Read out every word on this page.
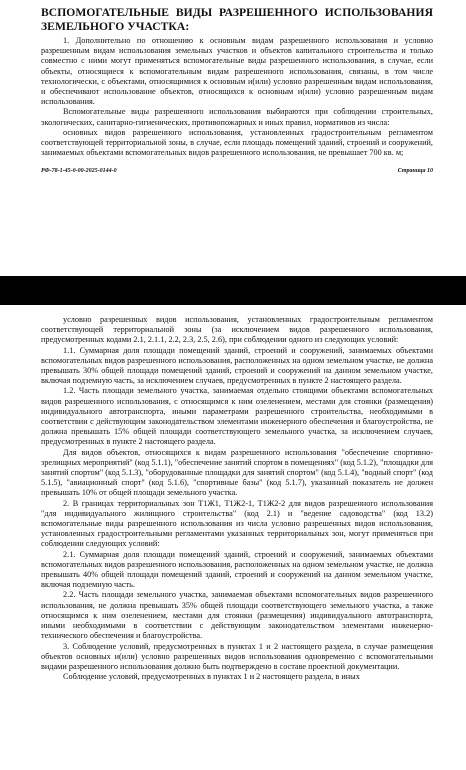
ВСПОМОГАТЕЛЬНЫЕ ВИДЫ РАЗРЕШЕННОГО ИСПОЛЬЗОВАНИЯ ЗЕМЕЛЬНОГО УЧАСТКА:

1. Дополнительно по отношению к основным видам разрешенного использования и условно разрешенным видам использования земельных участков и объектов капитального строительства и только совместно с ними могут применяться вспомогательные виды разрешенного использования, в случае, если объекты, относящиеся к вспомогательным видам разрешенного использования, связаны, в том числе технологически, с объектами, относящимися к основным и(или) условно разрешенным видам использования, и обеспечивают использование объектов, относящихся к основным и(или) условно разрешенным видам использования.

Вспомогательные виды разрешенного использования выбираются при соблюдении строительных, экологических, санитарно-гигиенических, противопожарных и иных правил, нормативов из числа:

основных видов разрешенного использования, установленных градостроительным регламентом соответствующей территориальной зоны, в случае, если площадь помещений зданий, строений и сооружений, занимаемых объектами вспомогательных видов разрешенного использования, не превышает 700 кв. м;

РФ-78-1-45-0-00-2025-0144-0	Страница 10

условно разрешенных видов использования, установленных градостроительным регламентом соответствующей территориальной зоны (за исключением видов разрешенного использования, предусмотренных кодами 2.1, 2.1.1, 2.2, 2.3, 2.5, 2.6), при соблюдении одного из следующих условий:

1.1. Суммарная доля площади помещений зданий, строений и сооружений, занимаемых объектами вспомогательных видов разрешенного использования, расположенных на одном земельном участке, не должна превышать 30% общей площади помещений зданий, строений и сооружений на данном земельном участке, включая подземную часть, за исключением случаев, предусмотренных в пункте 2 настоящего раздела.

1.2. Часть площади земельного участка, занимаемая отдельно стоящими объектами вспомогательных видов разрешенного использования, с относящимся к ним озеленением, местами для стоянки (размещения) индивидуального автотранспорта, иными параметрами разрешенного строительства, необходимыми в соответствии с действующим законодательством элементами инженерного обеспечения и благоустройства, не должна превышать 15% общей площади соответствующего земельного участка, за исключением случаев, предусмотренных в пункте 2 настоящего раздела.

Для видов объектов, относящихся к видам разрешенного использования "обеспечение спортивно-зрелищных мероприятий" (код 5.1.1), "обеспечение занятий спортом в помещениях" (код 5.1.2), "площадки для занятий спортом" (код 5.1.3), "оборудованные площадки для занятий спортом" (код 5.1.4), "водный спорт" (код 5.1.5), "авиационный спорт" (код 5.1.6), "спортивные базы" (код 5.1.7), указанный показатель не должен превышать 10% от общей площади земельного участка.

2. В границах территориальных зон Т1Ж1, Т1Ж2-1, Т1Ж2-2 для видов разрешенного использования "для индивидуального жилищного строительства" (код 2.1) и "ведение садоводства" (код 13.2) вспомогательные виды разрешенного использования из числа условно разрешенных видов использования, установленных градостроительными регламентами указанных территориальных зон, могут применяться при соблюдении следующих условий:

2.1. Суммарная доля площади помещений зданий, строений и сооружений, занимаемых объектами вспомогательных видов разрешенного использования, расположенных на одном земельном участке, не должна превышать 40% общей площади помещений зданий, строений и сооружений на данном земельном участке, включая подземную часть.

2.2. Часть площади земельного участка, занимаемая объектами вспомогательных видов разрешенного использования, не должна превышать 35% общей площади соответствующего земельного участка, а также относящимся к ним озеленением, местами для стоянки (размещения) индивидуального автотранспорта, иными необходимыми в соответствии с действующим законодательством элементами инженерно-технического обеспечения и благоустройства.

3. Соблюдение условий, предусмотренных в пунктах 1 и 2 настоящего раздела, в случае размещения объектов основных и(или) условно разрешенных видов использования одновременно с вспомогательными видами разрешенного использования должно быть подтверждено в составе проектной документации.

Соблюдение условий, предусмотренных в пунктах 1 и 2 настоящего раздела, в иных
